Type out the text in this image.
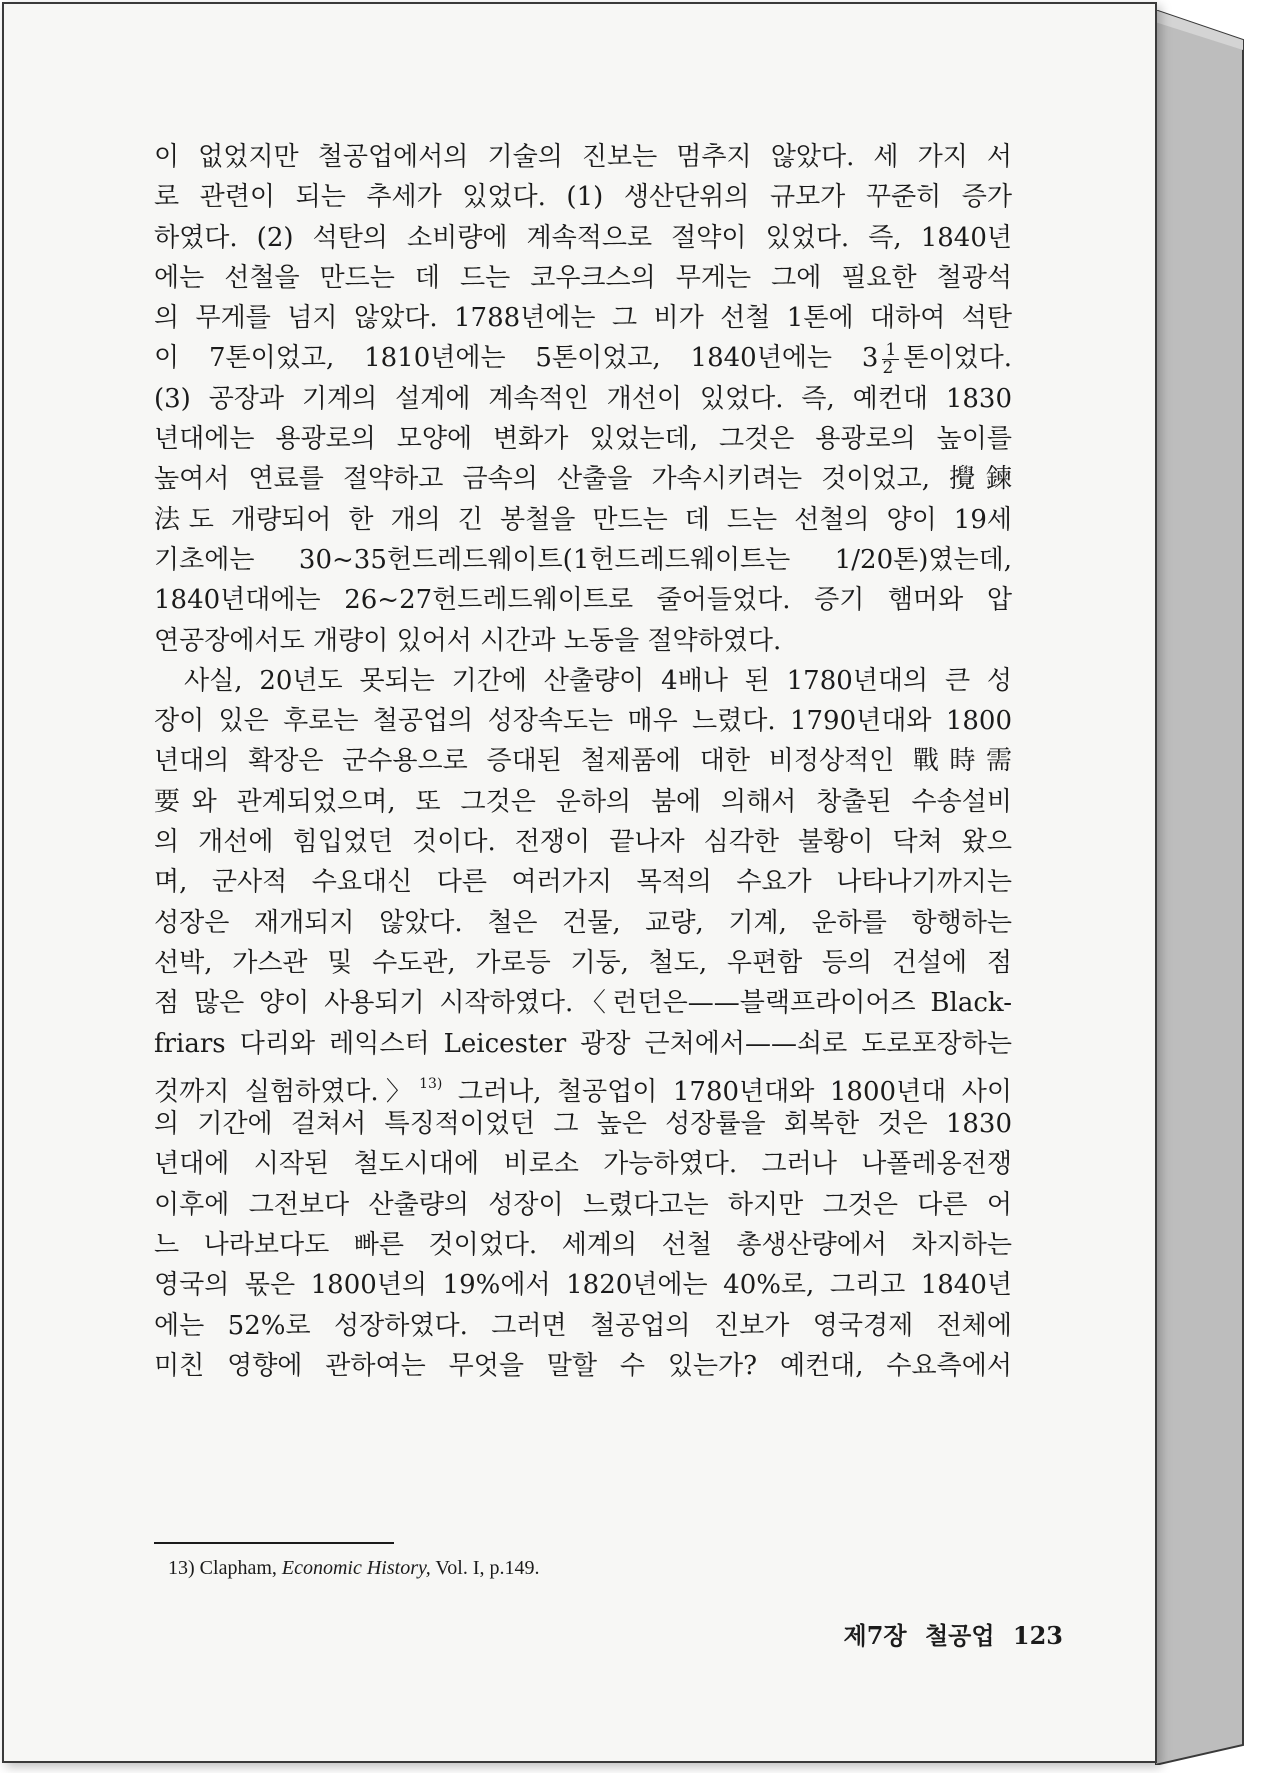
이 없었지만 철공업에서의 기술의 진보는 멈추지 않았다. 세 가지 서
로 관련이 되는 추세가 있었다. (1) 생산단위의 규모가 꾸준히 증가
하였다. (2) 석탄의 소비량에 계속적으로 절약이 있었다. 즉, 1840년
에는 선철을 만드는 데 드는 코우크스의 무게는 그에 필요한 철광석
의 무게를 넘지 않았다. 1788년에는 그 비가 선철 1톤에 대하여 석탄
이 7톤이었고, 1810년에는 5톤이었고, 1840년에는 $3 \frac{1}{2}$ 톤이었다.
(3) 공장과 기계의 설계에 계속적인 개선이 있었다. 즉, 예컨대 1830
년대에는 용광로의 모양에 변화가 있었는데, 그것은 용광로의 높이를
높여서 연료를 절약하고 금속의 산출을 가속시키려는 것이었고, 攪鍊
法도 개량되어 한 개의 긴 봉철을 만드는 데 드는 선철의 양이 19세
기초에는 30~35헌드레드웨이트(1헌드레드웨이트는 1/20톤)였는데,
1840년대에는 26~27헌드레드웨이트로 줄어들었다. 증기 햄머와 압
연공장에서도 개량이 있어서 시간과 노동을 절약하였다.
사실, 20년도 못되는 기간에 산출량이 4배나 된 1780년대의 큰 성
장이 있은 후로는 철공업의 성장속도는 매우 느렸다. 1790년대와 1800
년대의 확장은 군수용으로 증대된 철제품에 대한 비정상적인 戰時需
要와 관계되었으며, 또 그것은 운하의 붐에 의해서 창출된 수송설비
의 개선에 힘입었던 것이다. 전쟁이 끝나자 심각한 불황이 닥쳐 왔으
며, 군사적 수요대신 다른 여러가지 목적의 수요가 나타나기까지는
성장은 재개되지 않았다. 철은 건물, 교량, 기계, 운하를 항행하는
선박, 가스관 및 수도관, 가로등 기둥, 철도, 우편함 등의 건설에 점
점 많은 양이 사용되기 시작하였다.〈런던은——블랙프라이어즈 Black-
friars 다리와 레익스터 Leicester 광장 근처에서——쇠로 도로포장하는
것까지 실험하였다.〉$^{13)}$ 그러나, 철공업이 1780년대와 1800년대 사이
의 기간에 걸쳐서 특징적이었던 그 높은 성장률을 회복한 것은 1830
년대에 시작된 철도시대에 비로소 가능하였다. 그러나 나폴레옹전쟁
이후에 그전보다 산출량의 성장이 느렸다고는 하지만 그것은 다른 어
느 나라보다도 빠른 것이었다. 세계의 선철 총생산량에서 차지하는
영국의 몫은 1800년의 19%에서 1820년에는 40%로, 그리고 1840년
에는 52%로 성장하였다. 그러면 철공업의 진보가 영국경제 전체에
미친 영향에 관하여는 무엇을 말할 수 있는가? 예컨대, 수요측에서
13) Clapham, Economic History, Vol. I, p.149.
제7장 철공업 123
